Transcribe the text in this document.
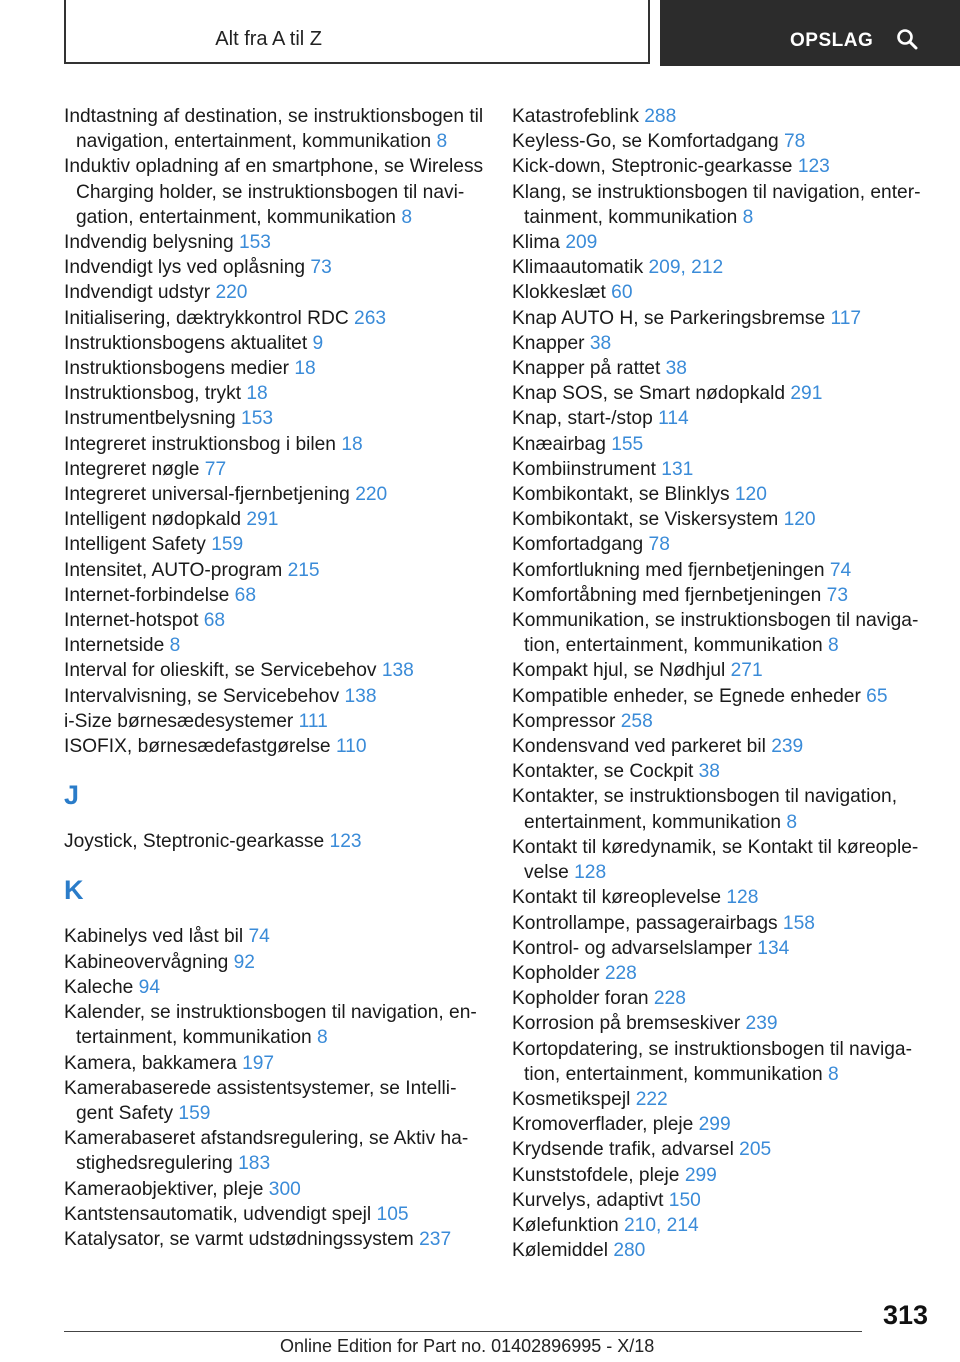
Alt fra A til Z	OPSLAG
Indtastning af destination, se instruktionsbogen til navigation, entertainment, kommunikation 8
Induktiv opladning af en smartphone, se Wireless Charging holder, se instruktionsbogen til navigation, entertainment, kommunikation 8
Indvendig belysning 153
Indvendigt lys ved oplåsning 73
Indvendigt udstyr 220
Initialisering, dæktrykkontrol RDC 263
Instruktionsbogens aktualitet 9
Instruktionsbogens medier 18
Instruktionsbog, trykt 18
Instrumentbelysning 153
Integreret instruktionsbog i bilen 18
Integreret nøgle 77
Integreret universal-fjernbetjening 220
Intelligent nødopkald 291
Intelligent Safety 159
Intensitet, AUTO-program 215
Internet-forbindelse 68
Internet-hotspot 68
Internetside 8
Interval for olieskift, se Servicebehov 138
Intervalvisning, se Servicebehov 138
i-Size børnesædesystemer 111
ISOFIX, børnesædefastgørelse 110
J
Joystick, Steptronic-gearkasse 123
K
Kabinelys ved låst bil 74
Kabineovervågning 92
Kaleche 94
Kalender, se instruktionsbogen til navigation, entertainment, kommunikation 8
Kamera, bakkamera 197
Kamerabaserede assistentsystemer, se Intelligent Safety 159
Kamerabaseret afstandsregulering, se Aktiv hastighedsregulering 183
Kameraobjektiver, pleje 300
Kantstensautomatik, udvendigt spejl 105
Katalysator, se varmt udstødningssystem 237
Katastrofeblink 288
Keyless-Go, se Komfortadgang 78
Kick-down, Steptronic-gearkasse 123
Klang, se instruktionsbogen til navigation, entertainment, kommunikation 8
Klima 209
Klimaautomatik 209, 212
Klokkeslæt 60
Knap AUTO H, se Parkeringsbremse 117
Knapper 38
Knapper på rattet 38
Knap SOS, se Smart nødopkald 291
Knap, start-/stop 114
Knæairbag 155
Kombiinstrument 131
Kombikontakt, se Blinklys 120
Kombikontakt, se Viskersystem 120
Komfortadgang 78
Komfortlukning med fjernbetjeningen 74
Komfortåbning med fjernbetjeningen 73
Kommunikation, se instruktionsbogen til navigation, entertainment, kommunikation 8
Kompakt hjul, se Nødhjul 271
Kompatible enheder, se Egnede enheder 65
Kompressor 258
Kondensvand ved parkeret bil 239
Kontakter, se Cockpit 38
Kontakter, se instruktionsbogen til navigation, entertainment, kommunikation 8
Kontakt til køredynamik, se Kontakt til køreoplevelse 128
Kontakt til køreoplevelse 128
Kontrollampe, passagerairbags 158
Kontrol- og advarselslamper 134
Kopholder 228
Kopholder foran 228
Korrosion på bremseskiver 239
Kortopdatering, se instruktionsbogen til navigation, entertainment, kommunikation 8
Kosmetikspejl 222
Kromoverflader, pleje 299
Krydsende trafik, advarsel 205
Kunststofdele, pleje 299
Kurvelys, adaptivt 150
Kølefunktion 210, 214
Kølemiddel 280
313
Online Edition for Part no. 01402896995 - X/18
